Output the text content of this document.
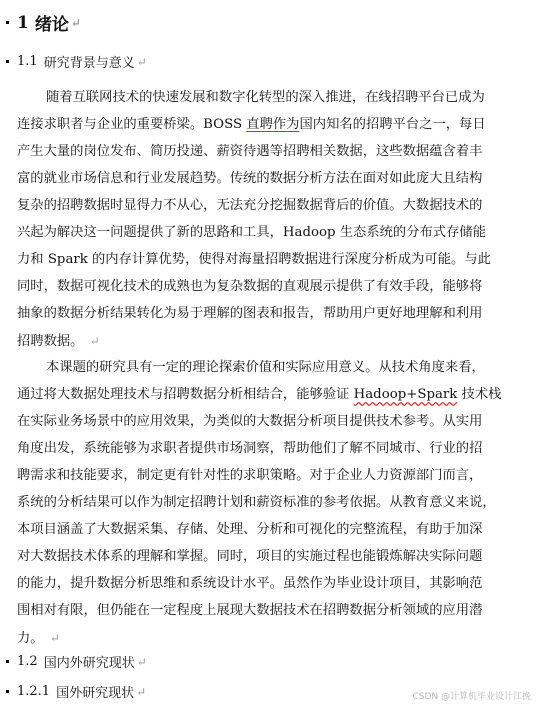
1 绪论 ↵
1.1 研究背景与意义 ↵
随着互联网技术的快速发展和数字化转型的深入推进，在线招聘平台已成为
连接求职者与企业的重要桥梁。BOSS 直聘作为国内知名的招聘平台之一，每日
产生大量的岗位发布、简历投递、薪资待遇等招聘相关数据，这些数据蕴含着丰
富的就业市场信息和行业发展趋势。传统的数据分析方法在面对如此庞大且结构
复杂的招聘数据时显得力不从心，无法充分挖掘数据背后的价值。大数据技术的
兴起为解决这一问题提供了新的思路和工具，Hadoop 生态系统的分布式存储能
力和 Spark 的内存计算优势，使得对海量招聘数据进行深度分析成为可能。与此
同时，数据可视化技术的成熟也为复杂数据的直观展示提供了有效手段，能够将
抽象的数据分析结果转化为易于理解的图表和报告，帮助用户更好地理解和利用
招聘数据。 ↵
本课题的研究具有一定的理论探索价值和实际应用意义。从技术角度来看，
通过将大数据处理技术与招聘数据分析相结合，能够验证 Hadoop+Spark 技术栈
在实际业务场景中的应用效果，为类似的大数据分析项目提供技术参考。从实用
角度出发，系统能够为求职者提供市场洞察，帮助他们了解不同城市、行业的招
聘需求和技能要求，制定更有针对性的求职策略。对于企业人力资源部门而言，
系统的分析结果可以作为制定招聘计划和薪资标准的参考依据。从教育意义来说，
本项目涵盖了大数据采集、存储、处理、分析和可视化的完整流程，有助于加深
对大数据技术体系的理解和掌握。同时，项目的实施过程也能锻炼解决实际问题
的能力，提升数据分析思维和系统设计水平。虽然作为毕业设计项目，其影响范
围相对有限，但仍能在一定程度上展现大数据技术在招聘数据分析领域的应用潜
力。 ↵
1.2 国内外研究现状 ↵
1.2.1 国外研究现状 ↵	CSDN @计算机毕业设计江挽
